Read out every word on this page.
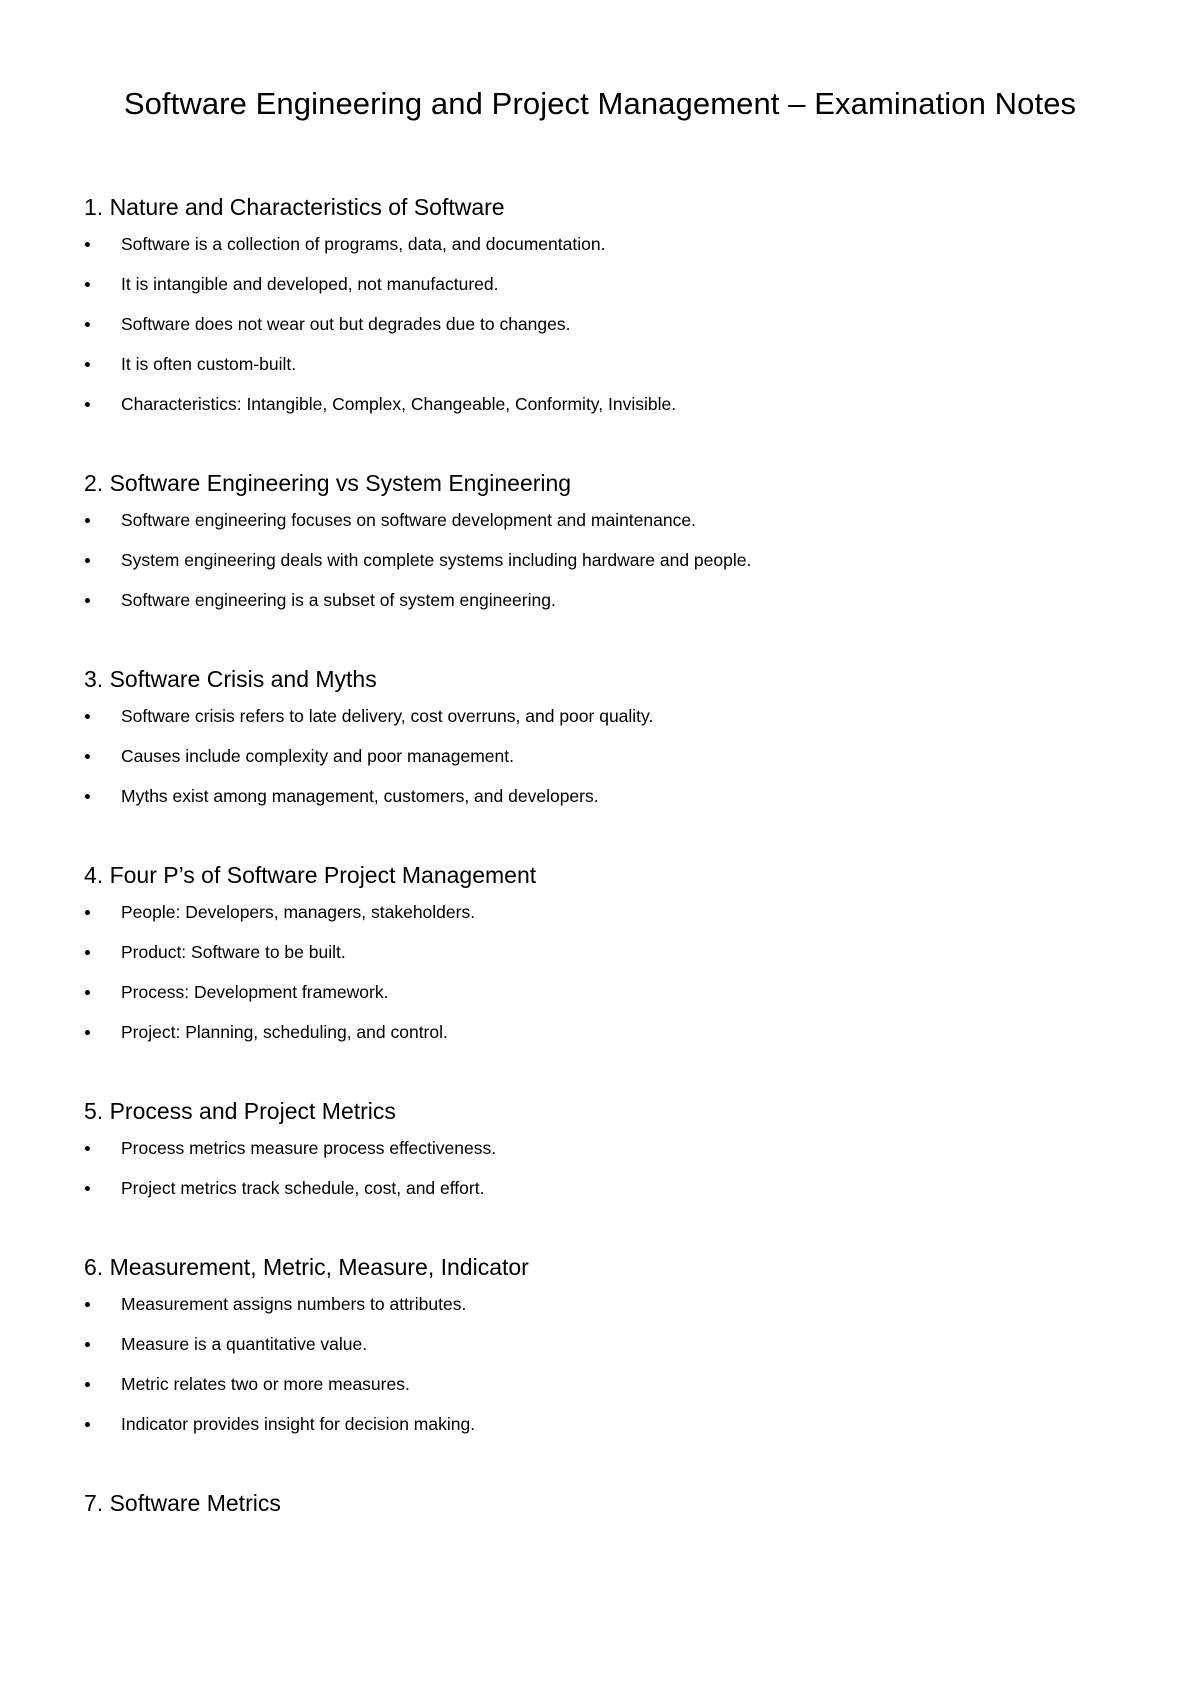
Software Engineering and Project Management – Examination Notes
1. Nature and Characteristics of Software
Software is a collection of programs, data, and documentation.
It is intangible and developed, not manufactured.
Software does not wear out but degrades due to changes.
It is often custom-built.
Characteristics: Intangible, Complex, Changeable, Conformity, Invisible.
2. Software Engineering vs System Engineering
Software engineering focuses on software development and maintenance.
System engineering deals with complete systems including hardware and people.
Software engineering is a subset of system engineering.
3. Software Crisis and Myths
Software crisis refers to late delivery, cost overruns, and poor quality.
Causes include complexity and poor management.
Myths exist among management, customers, and developers.
4. Four P’s of Software Project Management
People: Developers, managers, stakeholders.
Product: Software to be built.
Process: Development framework.
Project: Planning, scheduling, and control.
5. Process and Project Metrics
Process metrics measure process effectiveness.
Project metrics track schedule, cost, and effort.
6. Measurement, Metric, Measure, Indicator
Measurement assigns numbers to attributes.
Measure is a quantitative value.
Metric relates two or more measures.
Indicator provides insight for decision making.
7. Software Metrics
